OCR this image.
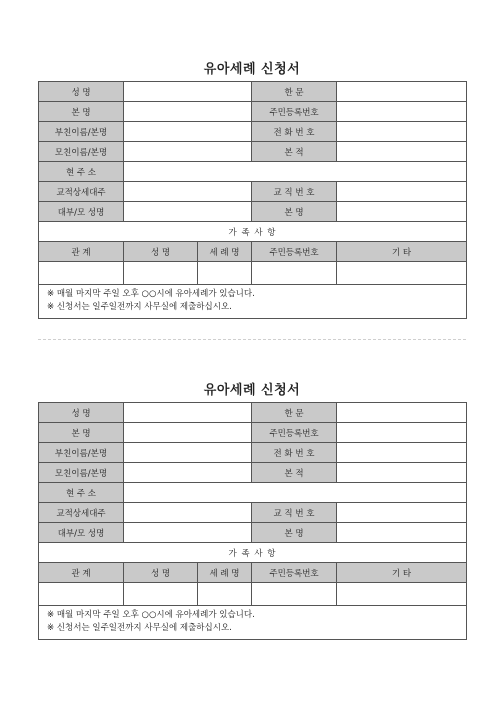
유아세례 신청서
성 명			한 문	
본 명			주민등록번호	
부친이름/본명			전 화 번 호	
모친이름/본명			본 적	
현 주 소				
교적상세대주			교 직 번 호	
대부/모 성명			본 명	
가 족 사 항				
관 계	성 명	세 례 명	주민등록번호	기 타

※ 매월 마지막 주일 오후 ○○시에 유아세례가 있습니다.
※ 신청서는 일주일전까지 사무실에 제출하십시오.				
유아세례 신청서
성 명			한 문	
본 명			주민등록번호	
부친이름/본명			전 화 번 호	
모친이름/본명			본 적	
현 주 소				
교적상세대주			교 직 번 호	
대부/모 성명			본 명	
가 족 사 항				
관 계	성 명	세 례 명	주민등록번호	기 타

※ 매월 마지막 주일 오후 ○○시에 유아세례가 있습니다.
※ 신청서는 일주일전까지 사무실에 제출하십시오.				
